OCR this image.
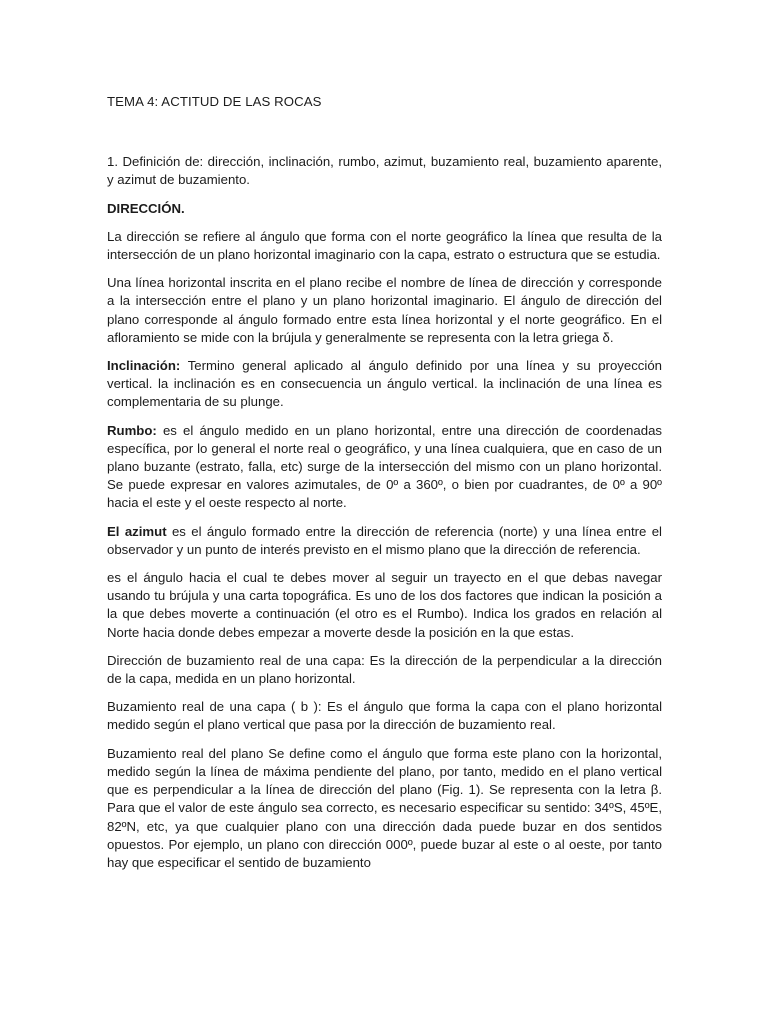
TEMA 4: ACTITUD DE LAS ROCAS

1. Definición de: dirección, inclinación, rumbo, azimut, buzamiento real, buzamiento aparente, y azimut de buzamiento.

DIRECCIÓN.

La dirección se refiere al ángulo que forma con el norte geográfico la línea que resulta de la intersección de un plano horizontal imaginario con la capa, estrato o estructura que se estudia.

Una línea horizontal inscrita en el plano recibe el nombre de línea de dirección y corresponde a la intersección entre el plano y un plano horizontal imaginario. El ángulo de dirección del plano corresponde al ángulo formado entre esta línea horizontal y el norte geográfico. En el afloramiento se mide con la brújula y generalmente se representa con la letra griega δ.

Inclinación: Termino general aplicado al ángulo definido por una línea y su proyección vertical. la inclinación es en consecuencia un ángulo vertical. la inclinación de una línea es complementaria de su plunge.

Rumbo: es el ángulo medido en un plano horizontal, entre una dirección de coordenadas específica, por lo general el norte real o geográfico, y una línea cualquiera, que en caso de un plano buzante (estrato, falla, etc) surge de la intersección del mismo con un plano horizontal. Se puede expresar en valores azimutales, de 0º a 360º, o bien por cuadrantes, de 0º a 90º hacia el este y el oeste respecto al norte.

El azimut es el ángulo formado entre la dirección de referencia (norte) y una línea entre el observador y un punto de interés previsto en el mismo plano que la dirección de referencia.

es el ángulo hacia el cual te debes mover al seguir un trayecto en el que debas navegar usando tu brújula y una carta topográfica. Es uno de los dos factores que indican la posición a la que debes moverte a continuación (el otro es el Rumbo). Indica los grados en relación al Norte hacia donde debes empezar a moverte desde la posición en la que estas.

Dirección de buzamiento real de una capa: Es la dirección de la perpendicular a la dirección de la capa, medida en un plano horizontal.

Buzamiento real de una capa ( b ): Es el ángulo que forma la capa con el plano horizontal medido según el plano vertical que pasa por la dirección de buzamiento real.

Buzamiento real del plano Se define como el ángulo que forma este plano con la horizontal, medido según la línea de máxima pendiente del plano, por tanto, medido en el plano vertical que es perpendicular a la línea de dirección del plano (Fig. 1). Se representa con la letra β. Para que el valor de este ángulo sea correcto, es necesario especificar su sentido: 34ºS, 45ºE, 82ºN, etc, ya que cualquier plano con una dirección dada puede buzar en dos sentidos opuestos. Por ejemplo, un plano con dirección 000º, puede buzar al este o al oeste, por tanto hay que especificar el sentido de buzamiento
